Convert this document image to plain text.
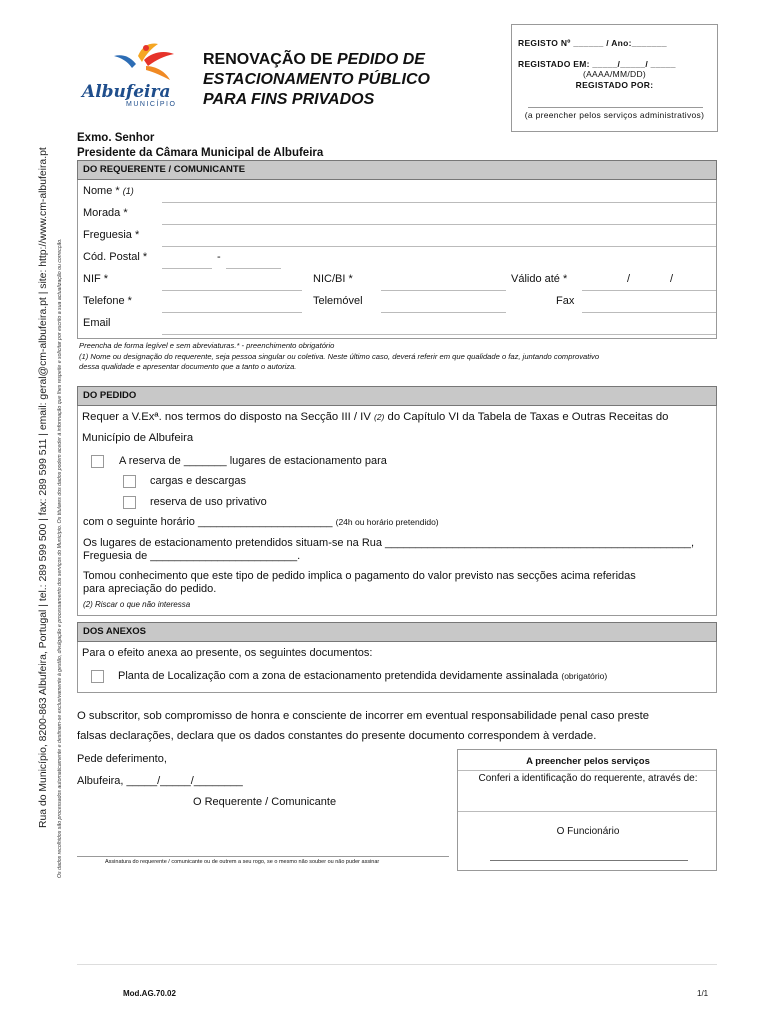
Rua do Município, 8200-863 Albufeira, Portugal | tel.: 289 599 500 | fax: 289 599 511 | email: geral@cm-albufeira.pt | site: http://www.cm-albufeira.pt Os dados recolhidos são processados automaticamente e destinam-se exclusivamente à gestão, divulgação e processamento dos serviços do Município. Os titulares dos dados podem aceder à informação que lhes respeite e solicitar por escrito a sua actualização ou correcção.
Albufeira
MUNICÍPIO
RENOVAÇÃO DE PEDIDO DE
ESTACIONAMENTO PÚBLICO
PARA FINS PRIVADOS
REGISTO Nº ______ / Ano:_______
REGISTADO EM: _____/_____/ _____
(AAAA/MM/DD)
REGISTADO POR:
(a preencher pelos serviços administrativos)
Exmo. Senhor
Presidente da Câmara Municipal de Albufeira
DO REQUERENTE / COMUNICANTE
Nome * (1)
Morada *
Freguesia *
Cód. Postal *	-
NIF *	NIC/BI *	Válido até *	/	/
Telefone *	Telemóvel	Fax
Email
Preencha de forma legível e sem abreviaturas.* - preenchimento obrigatório
(1) Nome ou designação do requerente, seja pessoa singular ou coletiva. Neste último caso, deverá referir em que qualidade o faz, juntando comprovativo
dessa qualidade e apresentar documento que a tanto o autoriza.
DO PEDIDO
Requer a V.Exª. nos termos do disposto na Secção III / IV (2) do Capítulo VI da Tabela de Taxas e Outras Receitas do
Município de Albufeira
A reserva de _______ lugares de estacionamento para
cargas e descargas
reserva de uso privativo
com o seguinte horário ______________________ (24h ou horário pretendido)
Os lugares de estacionamento pretendidos situam-se na Rua __________________________________________________,
Freguesia de ________________________.
Tomou conhecimento que este tipo de pedido implica o pagamento do valor previsto nas secções acima referidas
para apreciação do pedido.
(2) Riscar o que não interessa
DOS ANEXOS
Para o efeito anexa ao presente, os seguintes documentos:
Planta de Localização com a zona de estacionamento pretendida devidamente assinalada (obrigatório)
O subscritor, sob compromisso de honra e consciente de incorrer em eventual responsabilidade penal caso preste
falsas declarações, declara que os dados constantes do presente documento correspondem à verdade.
Pede deferimento,
Albufeira, _____/_____/________
O Requerente / Comunicante
Assinatura do requerente / comunicante ou de outrem a seu rogo, se o mesmo não souber ou não puder assinar
A preencher pelos serviços
Conferi a identificação do requerente, através de:
O Funcionário
Mod.AG.70.02	1/1
